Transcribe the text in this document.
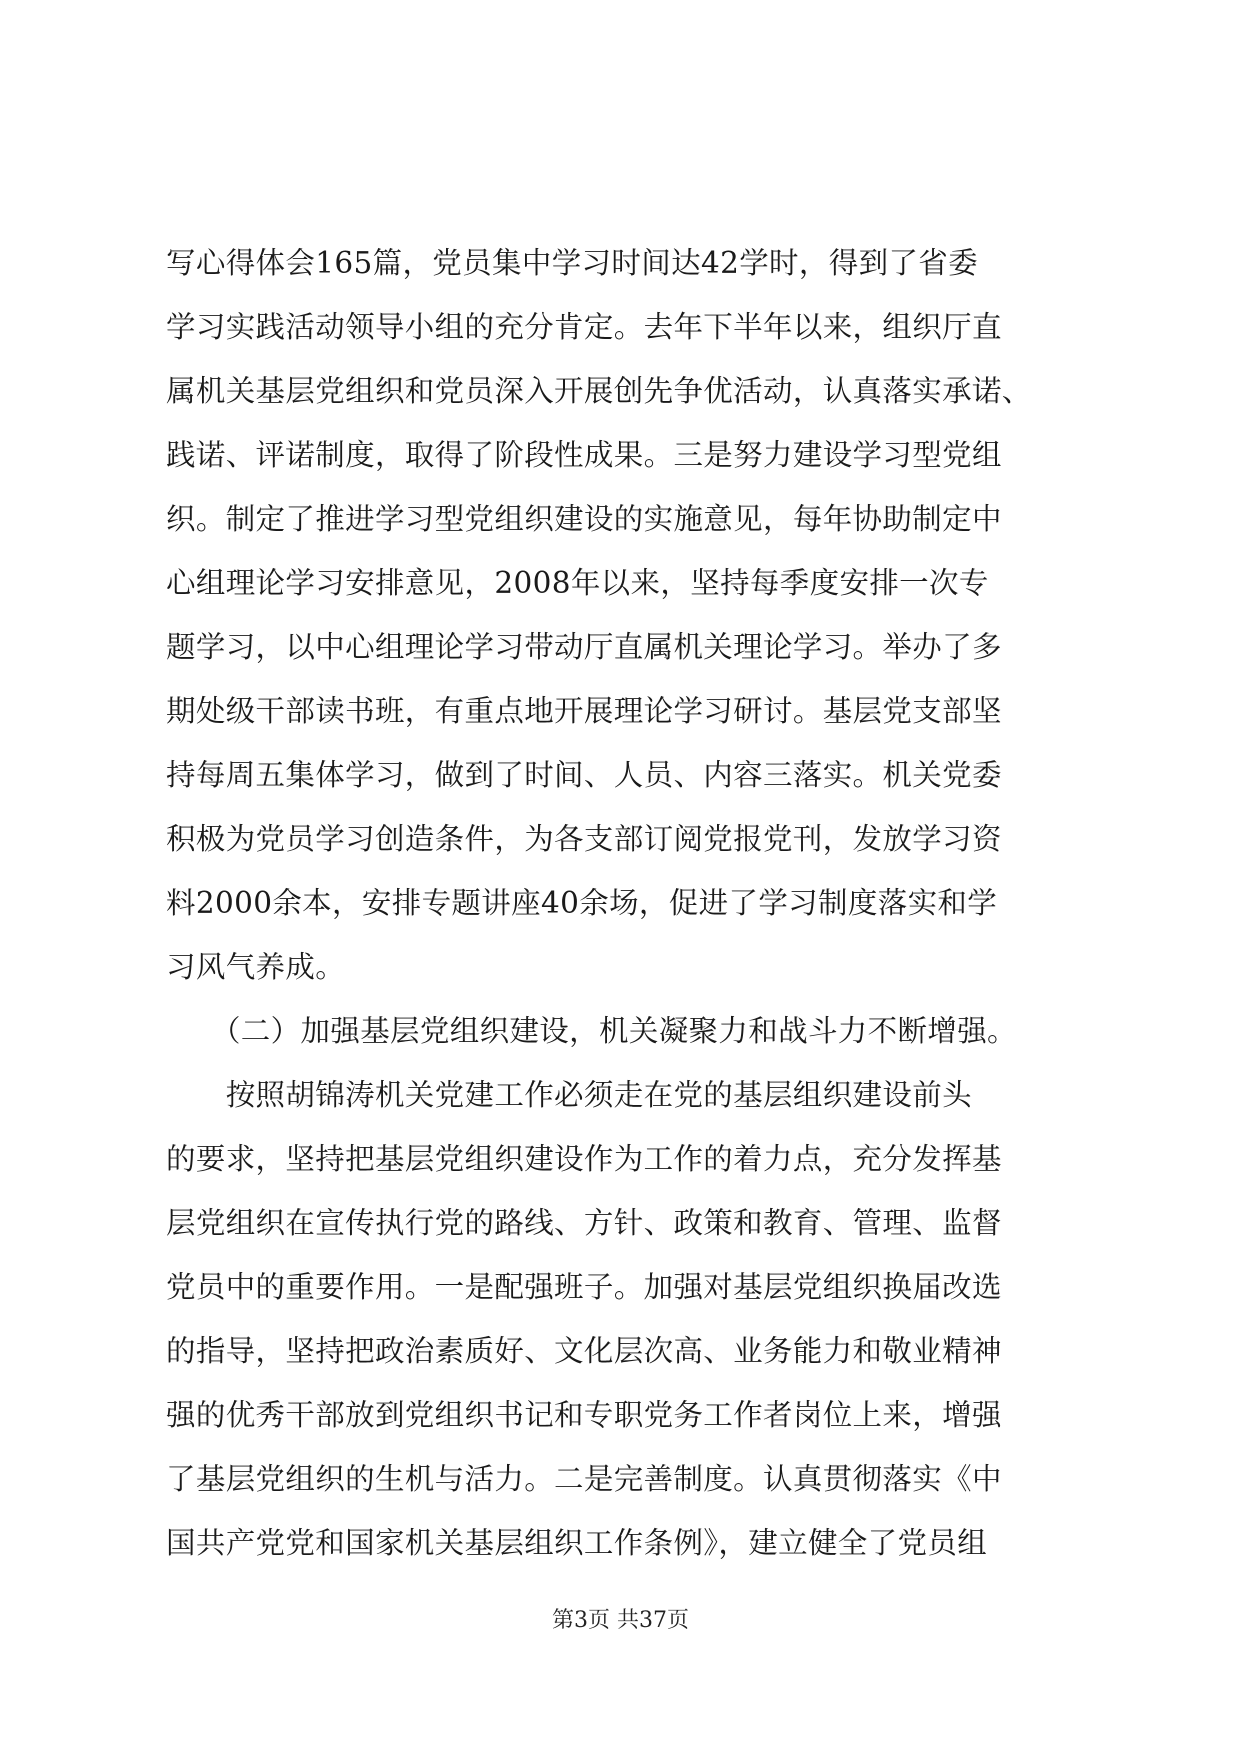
写心得体会165篇，党员集中学习时间达42学时，得到了省委
学习实践活动领导小组的充分肯定。去年下半年以来，组织厅直
属机关基层党组织和党员深入开展创先争优活动，认真落实承诺、
践诺、评诺制度，取得了阶段性成果。三是努力建设学习型党组
织。制定了推进学习型党组织建设的实施意见，每年协助制定中
心组理论学习安排意见，2008年以来，坚持每季度安排一次专
题学习，以中心组理论学习带动厅直属机关理论学习。举办了多
期处级干部读书班，有重点地开展理论学习研讨。基层党支部坚
持每周五集体学习，做到了时间、人员、内容三落实。机关党委
积极为党员学习创造条件，为各支部订阅党报党刊，发放学习资
料2000余本，安排专题讲座40余场，促进了学习制度落实和学
习风气养成。
　　（二）加强基层党组织建设，机关凝聚力和战斗力不断增强。
　　按照胡锦涛机关党建工作必须走在党的基层组织建设前头
的要求，坚持把基层党组织建设作为工作的着力点，充分发挥基
层党组织在宣传执行党的路线、方针、政策和教育、管理、监督
党员中的重要作用。一是配强班子。加强对基层党组织换届改选
的指导，坚持把政治素质好、文化层次高、业务能力和敬业精神
强的优秀干部放到党组织书记和专职党务工作者岗位上来，增强
了基层党组织的生机与活力。二是完善制度。认真贯彻落实《中
国共产党党和国家机关基层组织工作条例》，建立健全了党员组
第3页 共37页
